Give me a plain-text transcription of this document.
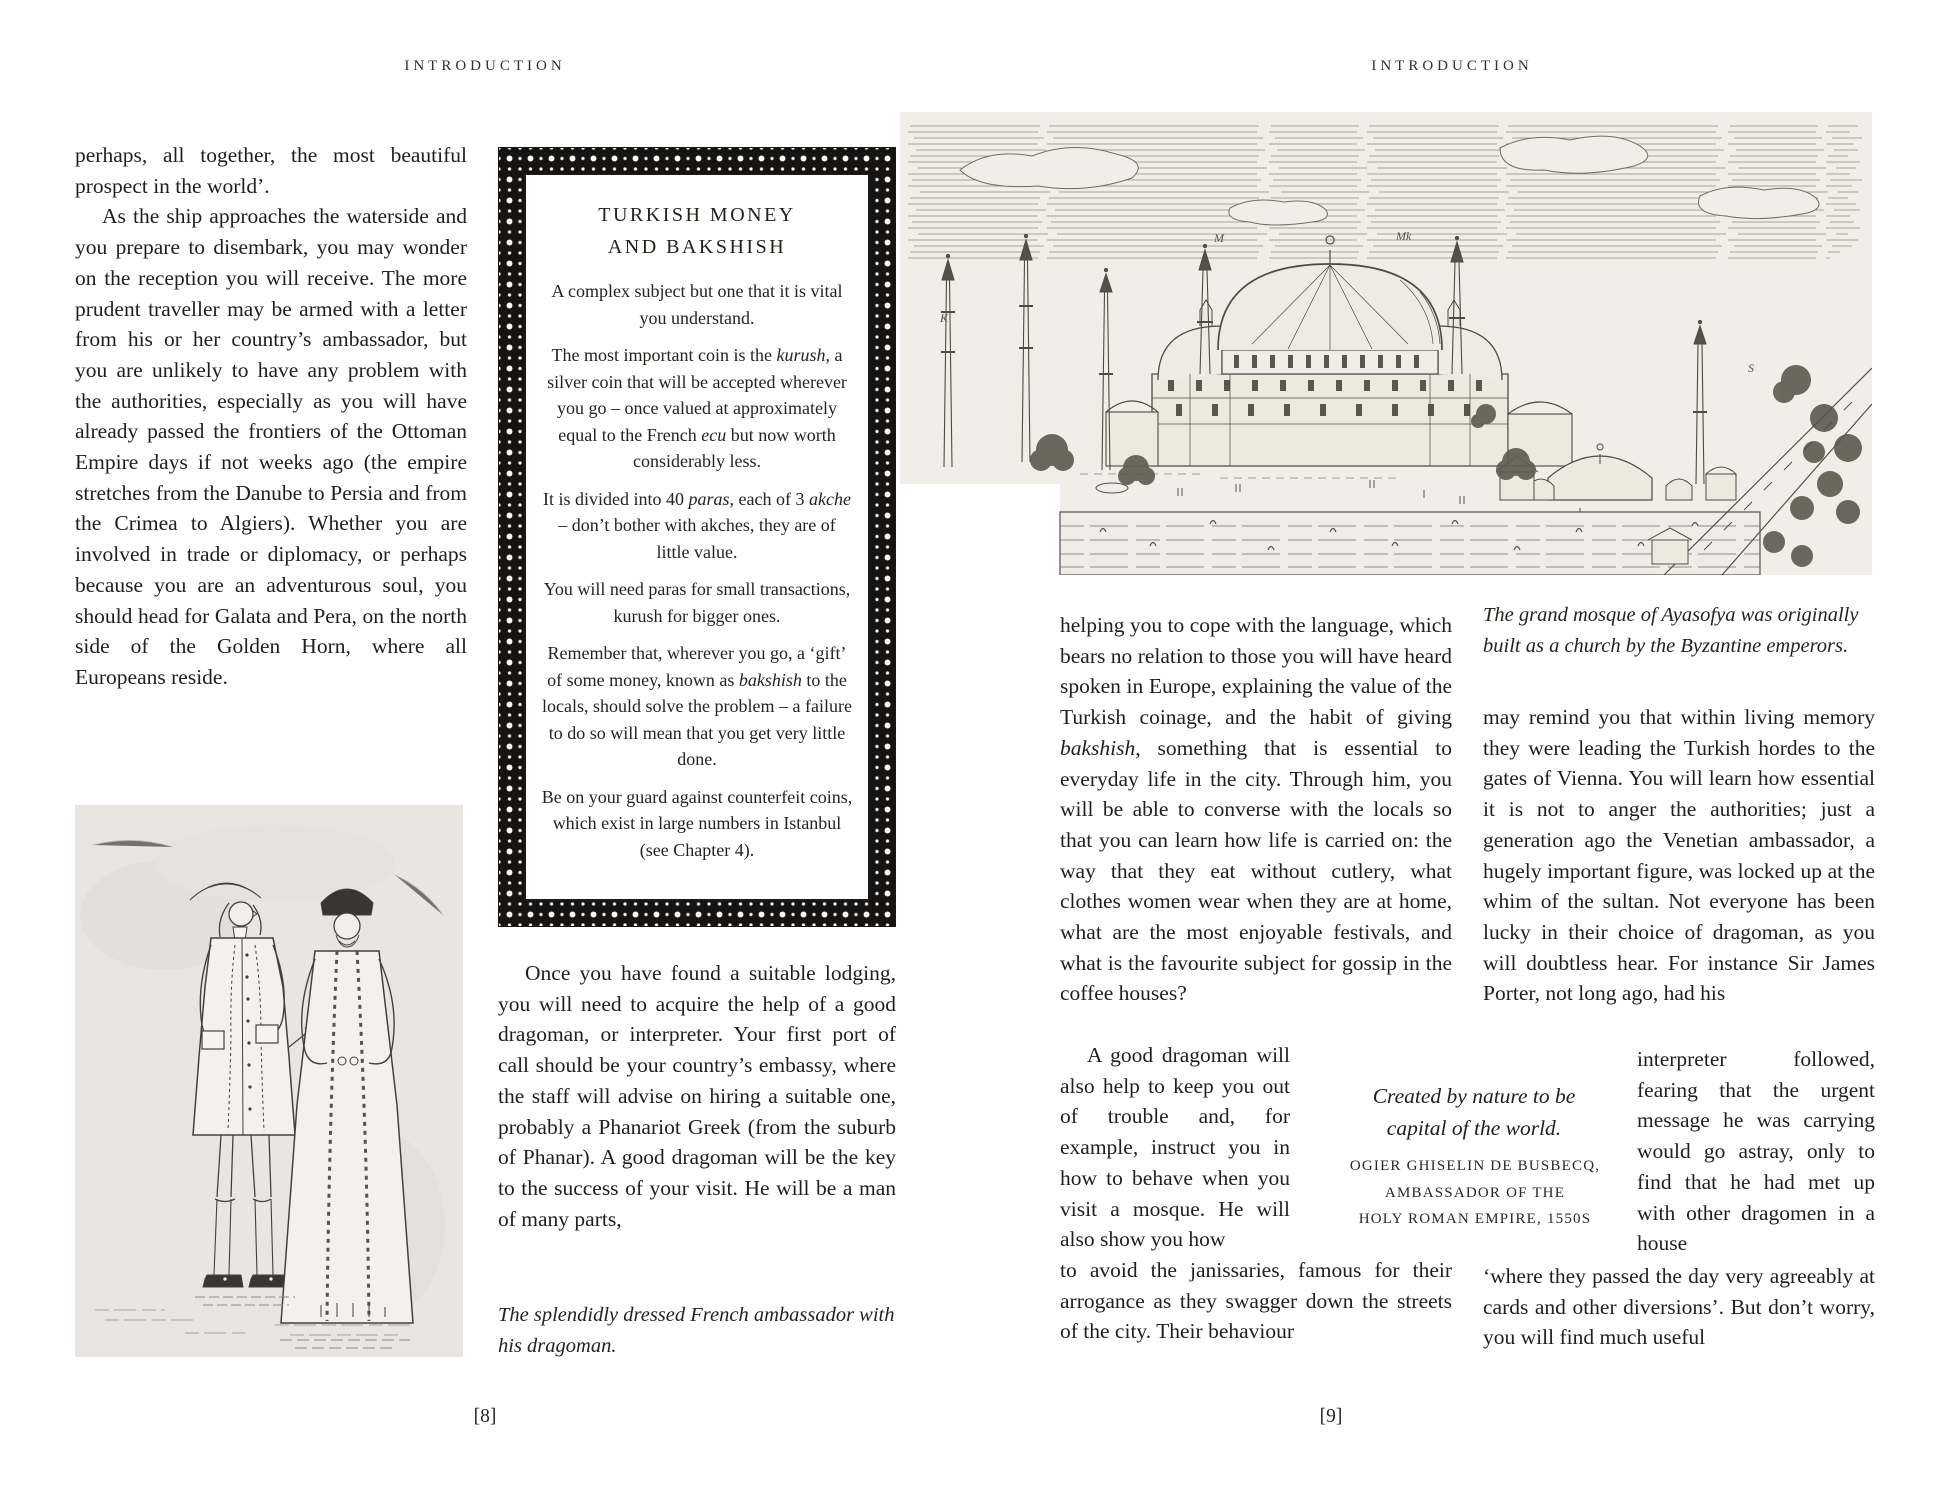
INTRODUCTION	INTRODUCTION

perhaps, all together, the most beautiful prospect in the world’.

As the ship approaches the waterside and you prepare to disembark, you may wonder on the reception you will receive. The more prudent traveller may be armed with a letter from his or her country’s ambassador, but you are unlikely to have any problem with the authorities, especially as you will have already passed the frontiers of the Ottoman Empire days if not weeks ago (the empire stretches from the Danube to Persia and from the Crimea to Algiers). Whether you are involved in trade or diplomacy, or perhaps because you are an adventurous soul, you should head for Galata and Pera, on the north side of the Golden Horn, where all Europeans reside.

TURKISH MONEY
AND BAKSHISH
A complex subject but one that it is vital you understand.
The most important coin is the kurush, a silver coin that will be accepted wherever you go – once valued at approximately equal to the French ecu but now worth considerably less.
It is divided into 40 paras, each of 3 akche – don’t bother with akches, they are of little value.
You will need paras for small transactions, kurush for bigger ones.
Remember that, wherever you go, a ‘gift’ of some money, known as bakshish to the locals, should solve the problem – a failure to do so will mean that you get very little done.
Be on your guard against counterfeit coins, which exist in large numbers in Istanbul (see Chapter 4).

Once you have found a suitable lodging, you will need to acquire the help of a good dragoman, or interpreter. Your first port of call should be your country’s embassy, where the staff will advise on hiring a suitable one, probably a Phanariot Greek (from the suburb of Phanar). A good dragoman will be the key to the success of your visit. He will be a man of many parts,

The splendidly dressed French ambassador with his dragoman.
[8]	[9]
K
M	Mk
S
The grand mosque of Ayasofya was originally built as a church by the Byzantine emperors.

helping you to cope with the language, which bears no relation to those you will have heard spoken in Europe, explaining the value of the Turkish coinage, and the habit of giving bakshish, something that is essential to everyday life in the city. Through him, you will be able to converse with the locals so that you can learn how life is carried on: the way that they eat without cutlery, what clothes women wear when they are at home, what are the most enjoyable festivals, and what is the favourite subject for gossip in the coffee houses?

A good dragoman will also help to keep you out of trouble and, for example, instruct you in how to behave when you visit a mosque. He will also show you how

to avoid the janissaries, famous for their arrogance as they swagger down the streets of the city. Their behaviour

Created by nature to be capital of the world.
OGIER GHISELIN DE BUSBECQ,
AMBASSADOR OF THE
HOLY ROMAN EMPIRE, 1550S

may remind you that within living memory they were leading the Turkish hordes to the gates of Vienna. You will learn how essential it is not to anger the authorities; just a generation ago the Venetian ambassador, a hugely important figure, was locked up at the whim of the sultan. Not everyone has been lucky in their choice of dragoman, as you will doubtless hear. For instance Sir James Porter, not long ago, had his

interpreter followed, fearing that the urgent message he was carrying would go astray, only to find that he had met up with other dragomen in a house

‘where they passed the day very agreeably at cards and other diversions’. But don’t worry, you will find much useful
